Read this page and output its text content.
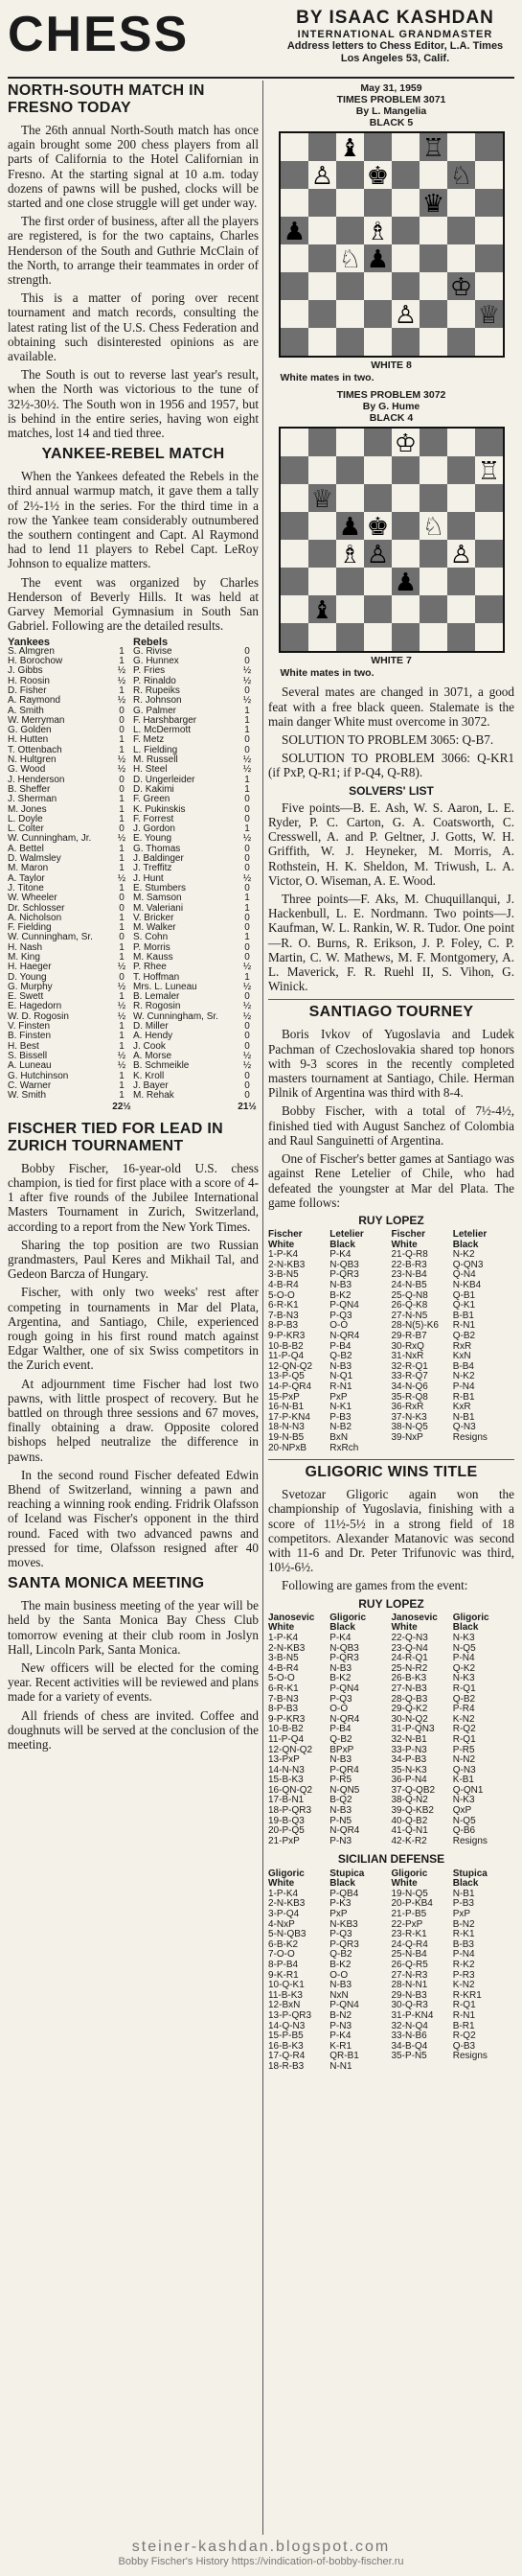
CHESS	BY ISAAC KASHDAN
INTERNATIONAL GRANDMASTER
Address letters to Chess Editor, L.A. Times
Los Angeles 53, Calif.
NORTH-SOUTH MATCH IN FRESNO TODAY

The 26th annual North-South match has once again brought some 200 chess players from all parts of California to the Hotel Californian in Fresno. At the starting signal at 10 a.m. today dozens of pawns will be pushed, clocks will be started and one close struggle will get under way.

The first order of business, after all the players are registered, is for the two captains, Charles Henderson of the South and Guthrie McClain of the North, to arrange their teammates in order of strength.

This is a matter of poring over recent tournament and match records, consulting the latest rating list of the U.S. Chess Federation and obtaining such disinterested opinions as are available.

The South is out to reverse last year's result, when the North was victorious to the tune of 32½-30½. The South won in 1956 and 1957, but is behind in the entire series, having won eight matches, lost 14 and tied three.

YANKEE-REBEL MATCH

When the Yankees defeated the Rebels in the third annual warmup match, it gave them a tally of 2½-1½ in the series. For the third time in a row the Yankee team considerably outnumbered the southern contingent and Capt. Al Raymond had to lend 11 players to Rebel Capt. LeRoy Johnson to equalize matters.

The event was organized by Charles Henderson of Beverly Hills. It was held at Garvey Memorial Gymnasium in South San Gabriel. Following are the detailed results.

Yankees		Rebels	
S. Almgren	1	G. Rivise	0
H. Borochow	1	G. Hunnex	0
J. Gibbs	½	P. Fries	½
H. Roosin	½	P. Rinaldo	½
D. Fisher	1	R. Rupeiks	0
A. Raymond	½	R. Johnson	½
A. Smith	0	G. Palmer	1
W. Merryman	0	F. Harshbarger	1
G. Golden	0	L. McDermott	1
H. Hutten	1	F. Metz	0
T. Ottenbach	1	L. Fielding	0
N. Hultgren	½	M. Russell	½
G. Wood	½	H. Steel	½
J. Henderson	0	D. Ungerleider	1
B. Sheffer	0	D. Kakimi	1
J. Sherman	1	F. Green	0
M. Jones	1	K. Pukinskis	0
L. Doyle	1	F. Forrest	0
L. Colter	0	J. Gordon	1
W. Cunningham, Jr.	½	E. Young	½
A. Bettel	1	G. Thomas	0
D. Walmsley	1	J. Baldinger	0
M. Maron	1	J. Treffitz	0
A. Taylor	½	J. Hunt	½
J. Titone	1	E. Stumbers	0
W. Wheeler	0	M. Samson	1
Dr. Schlosser	0	M. Valeriani	1
A. Nicholson	1	V. Bricker	0
F. Fielding	1	M. Walker	0
W. Cunningham, Sr.	0	S. Cohn	1
H. Nash	1	P. Morris	0
M. King	1	M. Kauss	0
H. Haeger	½	P. Rhee	½
D. Young	0	T. Hoffman	1
G. Murphy	½	Mrs. L. Luneau	½
E. Swett	1	B. Lemaler	0
E. Hagedorn	½	R. Rogosin	½
W. D. Rogosin	½	W. Cunningham, Sr.	½
V. Finsten	1	D. Miller	0
B. Finsten	1	A. Hendy	0
H. Best	1	J. Cook	0
S. Bissell	½	A. Morse	½
A. Luneau	½	B. Schmeikle	½
G. Hutchinson	1	K. Kroll	0
C. Warner	1	J. Bayer	0
W. Smith	1	M. Rehak	0
	22½		21½
FISCHER TIED FOR LEAD IN ZURICH TOURNAMENT

Bobby Fischer, 16-year-old U.S. chess champion, is tied for first place with a score of 4-1 after five rounds of the Jubilee International Masters Tournament in Zurich, Switzerland, according to a report from the New York Times.

Sharing the top position are two Russian grandmasters, Paul Keres and Mikhail Tal, and Gedeon Barcza of Hungary.

Fischer, with only two weeks' rest after competing in tournaments in Mar del Plata, Argentina, and Santiago, Chile, experienced rough going in his first round match against Edgar Walther, one of six Swiss competitors in the Zurich event.

At adjournment time Fischer had lost two pawns, with little prospect of recovery. But he battled on through three sessions and 67 moves, finally obtaining a draw. Opposite colored bishops helped neutralize the difference in pawns.

In the second round Fischer defeated Edwin Bhend of Switzerland, winning a pawn and reaching a winning rook ending. Fridrik Olafsson of Iceland was Fischer's opponent in the third round. Faced with two advanced pawns and pressed for time, Olafsson resigned after 40 moves.

SANTA MONICA MEETING

The main business meeting of the year will be held by the Santa Monica Bay Chess Club tomorrow evening at their club room in Joslyn Hall, Lincoln Park, Santa Monica.

New officers will be elected for the coming year. Recent activities will be reviewed and plans made for a variety of events.

All friends of chess are invited. Coffee and doughnuts will be served at the conclusion of the meeting.

May 31, 1959
TIMES PROBLEM 3071
By L. Mangelia
BLACK 5
WHITE 8
White mates in two.
TIMES PROBLEM 3072
By G. Hume
BLACK 4
WHITE 7
White mates in two.

Several mates are changed in 3071, a good feat with a free black queen. Stalemate is the main danger White must overcome in 3072.

SOLUTION TO PROBLEM 3065: Q-B7.

SOLUTION TO PROBLEM 3066: Q-KR1 (if PxP, Q-R1; if P-Q4, Q-R8).

SOLVERS' LIST

Five points—B. E. Ash, W. S. Aaron, L. E. Ryder, P. C. Carton, G. A. Coatsworth, C. Cresswell, A. and P. Geltner, J. Gotts, W. H. Griffith, W. J. Heyneker, M. Morris, A. Rothstein, H. K. Sheldon, M. Triwush, L. A. Victor, O. Wiseman, A. E. Wood.

Three points—F. Aks, M. Chuquillanqui, J. Hackenbull, L. E. Nordmann. Two points—J. Kaufman, W. L. Rankin, W. R. Tudor. One point—R. O. Burns, R. Erikson, J. P. Foley, C. P. Martin, C. W. Mathews, M. F. Montgomery, A. L. Maverick, F. R. Ruehl II, S. Vihon, G. Winick.

SANTIAGO TOURNEY

Boris Ivkov of Yugoslavia and Ludek Pachman of Czechoslovakia shared top honors with 9-3 scores in the recently completed masters tournament at Santiago, Chile. Herman Pilnik of Argentina was third with 8-4.

Bobby Fischer, with a total of 7½-4½, finished tied with August Sanchez of Colombia and Raul Sanguinetti of Argentina.

One of Fischer's better games at Santiago was against Rene Letelier of Chile, who had defeated the youngster at Mar del Plata. The game follows:

RUY LOPEZ
Fischer White	Letelier Black	Fischer White	Letelier Black
1-P-K4	P-K4	21-Q-R8	N-K2
2-N-KB3	N-QB3	22-B-R3	Q-QN3
3-B-N5	P-QR3	23-N-B4	Q-N4
4-B-R4	N-B3	24-N-B5	N-KB4
5-O-O	B-K2	25-Q-N8	Q-B1
6-R-K1	P-QN4	26-Q-K8	Q-K1
7-B-N3	P-Q3	27-N-N5	B-B1
8-P-B3	O-O	28-N(5)-K6	R-N1
9-P-KR3	N-QR4	29-R-B7	Q-B2
10-B-B2	P-B4	30-RxQ	RxR
11-P-Q4	Q-B2	31-NxR	KxN
12-QN-Q2	N-B3	32-R-Q1	B-B4
13-P-Q5	N-Q1	33-R-Q7	N-K2
14-P-QR4	R-N1	34-N-Q6	P-N4
15-PxP	PxP	35-R-Q8	R-B1
16-N-B1	N-K1	36-RxR	KxR
17-P-KN4	P-B3	37-N-K3	N-B1
18-N-N3	N-B2	38-N-Q5	Q-N3
19-N-B5	BxN	39-NxP	Resigns
20-NPxB	RxRch		
GLIGORIC WINS TITLE

Svetozar Gligoric again won the championship of Yugoslavia, finishing with a score of 11½-5½ in a strong field of 18 competitors. Alexander Matanovic was second with 11-6 and Dr. Peter Trifunovic was third, 10½-6½.

Following are games from the event:

RUY LOPEZ
Janosevic White	Gligoric Black	Janosevic White	Gligoric Black
1-P-K4	P-K4	22-Q-N3	N-K3
2-N-KB3	N-QB3	23-Q-N4	N-Q5
3-B-N5	P-QR3	24-R-Q1	P-N4
4-B-R4	N-B3	25-N-R2	Q-K2
5-O-O	B-K2	26-B-K3	N-K3
6-R-K1	P-QN4	27-N-B3	R-Q1
7-B-N3	P-Q3	28-Q-B3	Q-B2
8-P-B3	O-O	29-Q-K2	P-R4
9-P-KR3	N-QR4	30-N-Q2	K-N2
10-B-B2	P-B4	31-P-QN3	R-Q2
11-P-Q4	Q-B2	32-N-B1	R-Q1
12-QN-Q2	BPxP	33-P-N3	P-R5
13-PxP	N-B3	34-P-B3	N-N2
14-N-N3	P-QR4	35-N-K3	Q-N3
15-B-K3	P-R5	36-P-N4	K-B1
16-QN-Q2	N-QN5	37-Q-QB2	Q-QN1
17-B-N1	B-Q2	38-Q-N2	N-K3
18-P-QR3	N-B3	39-Q-KB2	QxP
19-B-Q3	P-N5	40-Q-B2	N-Q5
20-P-Q5	N-QR4	41-Q-N1	Q-B6
21-PxP	P-N3	42-K-R2	Resigns
SICILIAN DEFENSE
Gligoric White	Stupica Black	Gligoric White	Stupica Black
1-P-K4	P-QB4	19-N-Q5	N-B1
2-N-KB3	P-K3	20-P-KB4	P-B3
3-P-Q4	PxP	21-P-B5	PxP
4-NxP	N-KB3	22-PxP	B-N2
5-N-QB3	P-Q3	23-R-K1	R-K1
6-B-K2	P-QR3	24-Q-R4	B-B3
7-O-O	Q-B2	25-N-B4	P-N4
8-P-B4	B-K2	26-Q-R5	R-K2
9-K-R1	O-O	27-N-R3	P-R3
10-Q-K1	N-B3	28-N-N1	K-N2
11-B-K3	NxN	29-N-B3	R-KR1
12-BxN	P-QN4	30-Q-R3	R-Q1
13-P-QR3	B-N2	31-P-KN4	R-N1
14-Q-N3	P-N3	32-N-Q4	B-R1
15-P-B5	P-K4	33-N-B6	R-Q2
16-B-K3	K-R1	34-B-Q4	Q-B3
17-Q-R4	QR-B1	35-P-N5	Resigns
18-R-B3	N-N1		
steiner-kashdan.blogspot.com
Bobby Fischer's History https://vindication-of-bobby-fischer.ru
